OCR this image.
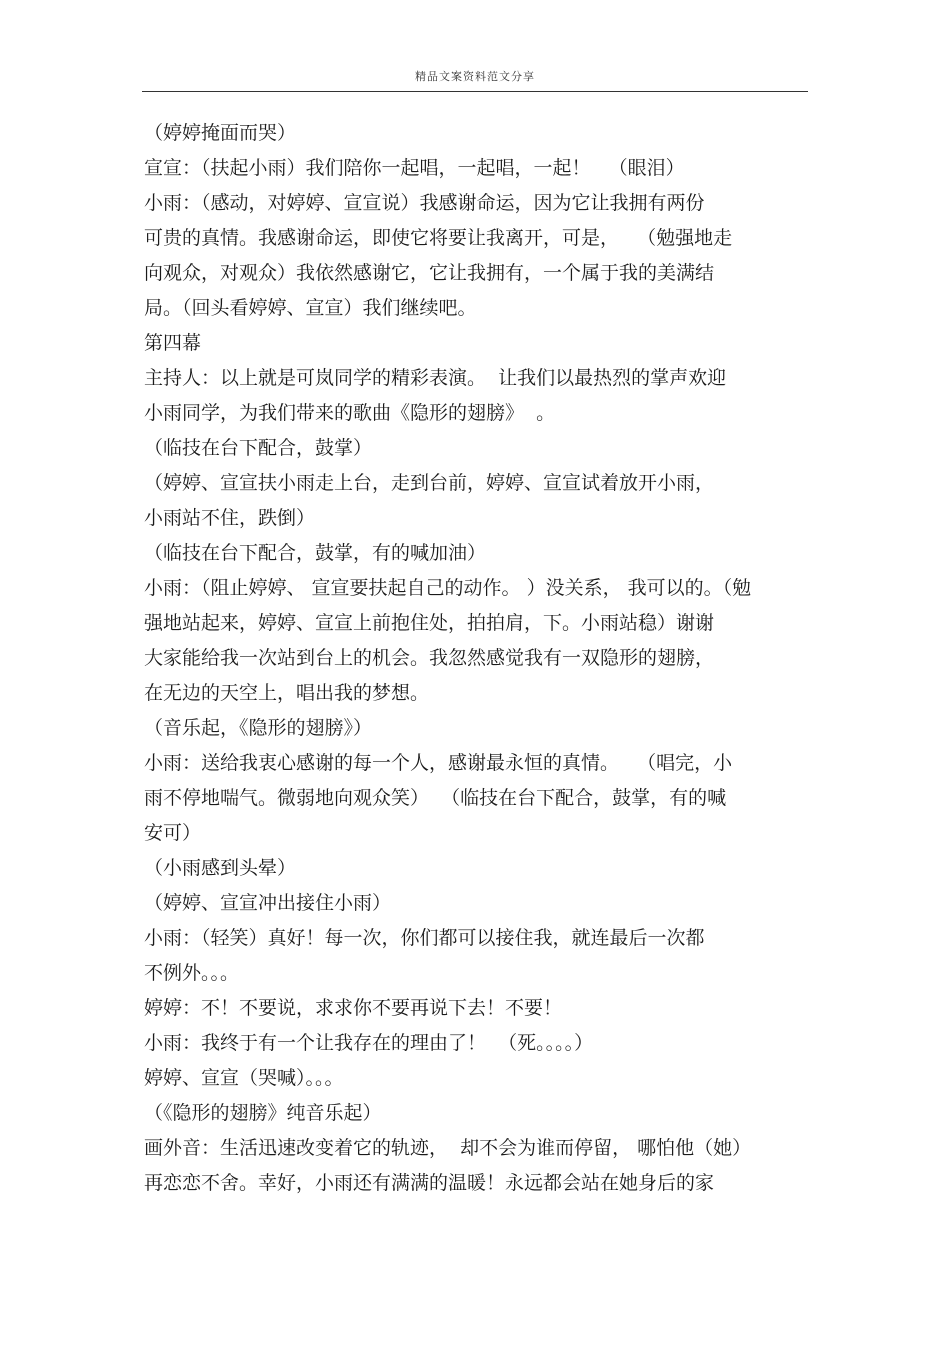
精品文案资料范文分享
（婷婷掩面而哭）
宣宣：（扶起小雨）我们陪你一起唱，一起唱，一起！   （眼泪）
小雨：（感动，对婷婷、宣宣说）我感谢命运，因为它让我拥有两份
可贵的真情。我感谢命运，即使它将要让我离开，可是，   （勉强地走
向观众，对观众）我依然感谢它，它让我拥有，一个属于我的美满结
局。（回头看婷婷、宣宣）我们继续吧。
第四幕
主持人：以上就是可岚同学的精彩表演。  让我们以最热烈的掌声欢迎
小雨同学，为我们带来的歌曲《隐形的翅膀》  。
（临技在台下配合，鼓掌）
（婷婷、宣宣扶小雨走上台，走到台前，婷婷、宣宣试着放开小雨，
小雨站不住，跌倒）
（临技在台下配合，鼓掌，有的喊加油）
小雨：（阻止婷婷、 宣宣要扶起自己的动作。 ）没关系， 我可以的。（勉
强地站起来，婷婷、宣宣上前抱住处，拍拍肩，下。小雨站稳）谢谢
大家能给我一次站到台上的机会。我忽然感觉我有一双隐形的翅膀，
在无边的天空上，唱出我的梦想。
（音乐起，《隐形的翅膀》）
小雨：送给我衷心感谢的每一个人，感谢最永恒的真情。   （唱完，小
雨不停地喘气。微弱地向观众笑）  （临技在台下配合，鼓掌，有的喊
安可）
（小雨感到头晕）
（婷婷、宣宣冲出接住小雨）
小雨：（轻笑）真好！每一次，你们都可以接住我，就连最后一次都
不例外。。。
婷婷：不！不要说，求求你不要再说下去！不要！
小雨：我终于有一个让我存在的理由了！  （死。。。。）
婷婷、宣宣（哭喊）。。。
（《隐形的翅膀》纯音乐起）
画外音：生活迅速改变着它的轨迹，  却不会为谁而停留， 哪怕他（她）
再恋恋不舍。幸好，小雨还有满满的温暖！永远都会站在她身后的家
